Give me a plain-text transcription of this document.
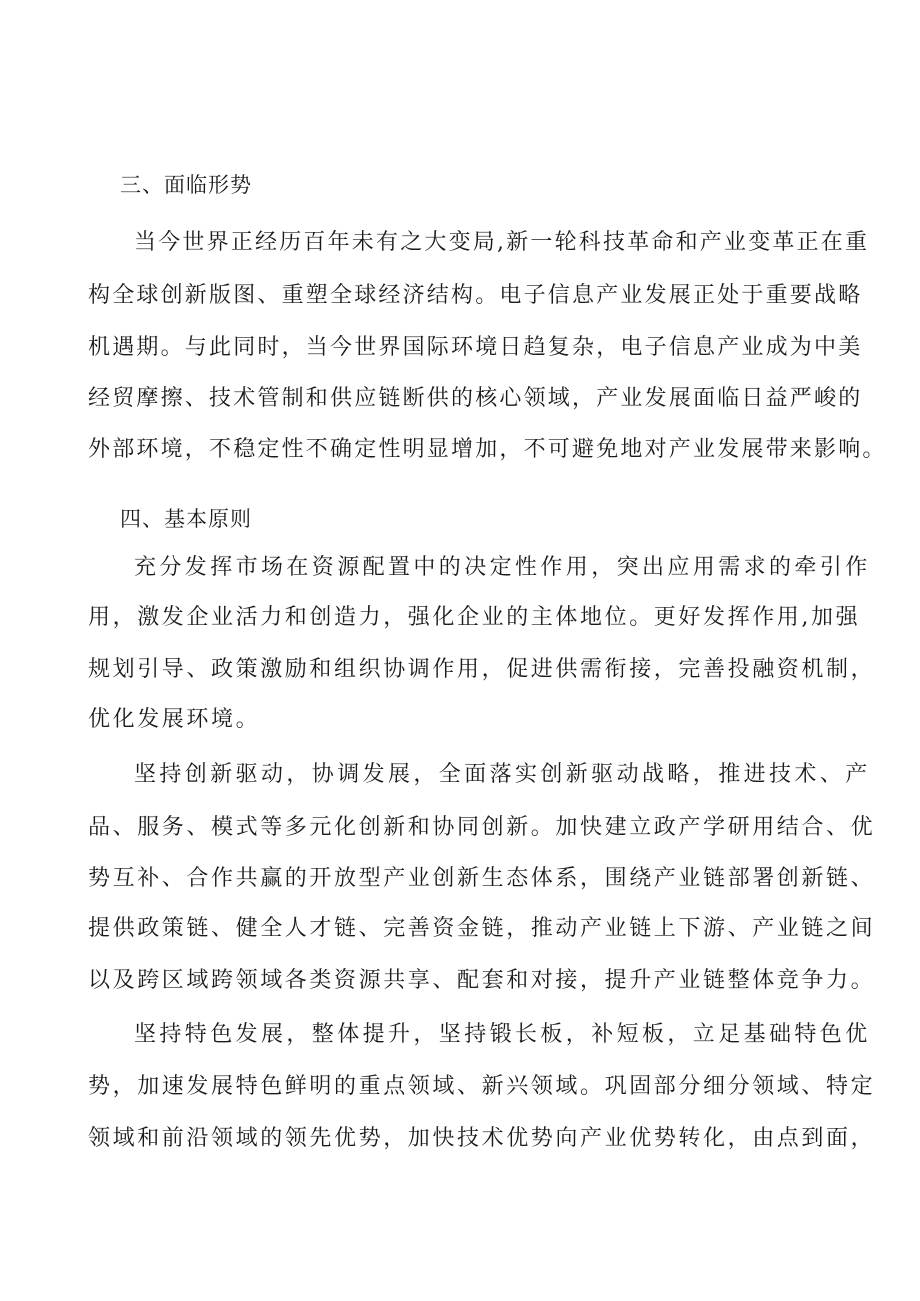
三、面临形势
当今世界正经历百年未有之大变局,新一轮科技革命和产业变革正在重
构全球创新版图、重塑全球经济结构。电子信息产业发展正处于重要战略
机遇期。与此同时，当今世界国际环境日趋复杂，电子信息产业成为中美
经贸摩擦、技术管制和供应链断供的核心领域，产业发展面临日益严峻的
外部环境，不稳定性不确定性明显增加，不可避免地对产业发展带来影响。
四、基本原则
充分发挥市场在资源配置中的决定性作用，突出应用需求的牵引作
用，激发企业活力和创造力，强化企业的主体地位。更好发挥作用,加强
规划引导、政策激励和组织协调作用，促进供需衔接，完善投融资机制，
优化发展环境。
坚持创新驱动，协调发展，全面落实创新驱动战略，推进技术、产
品、服务、模式等多元化创新和协同创新。加快建立政产学研用结合、优
势互补、合作共赢的开放型产业创新生态体系，围绕产业链部署创新链、
提供政策链、健全人才链、完善资金链，推动产业链上下游、产业链之间
以及跨区域跨领域各类资源共享、配套和对接，提升产业链整体竞争力。
坚持特色发展，整体提升，坚持锻长板，补短板，立足基础特色优
势，加速发展特色鲜明的重点领域、新兴领域。巩固部分细分领域、特定
领域和前沿领域的领先优势，加快技术优势向产业优势转化，由点到面，
